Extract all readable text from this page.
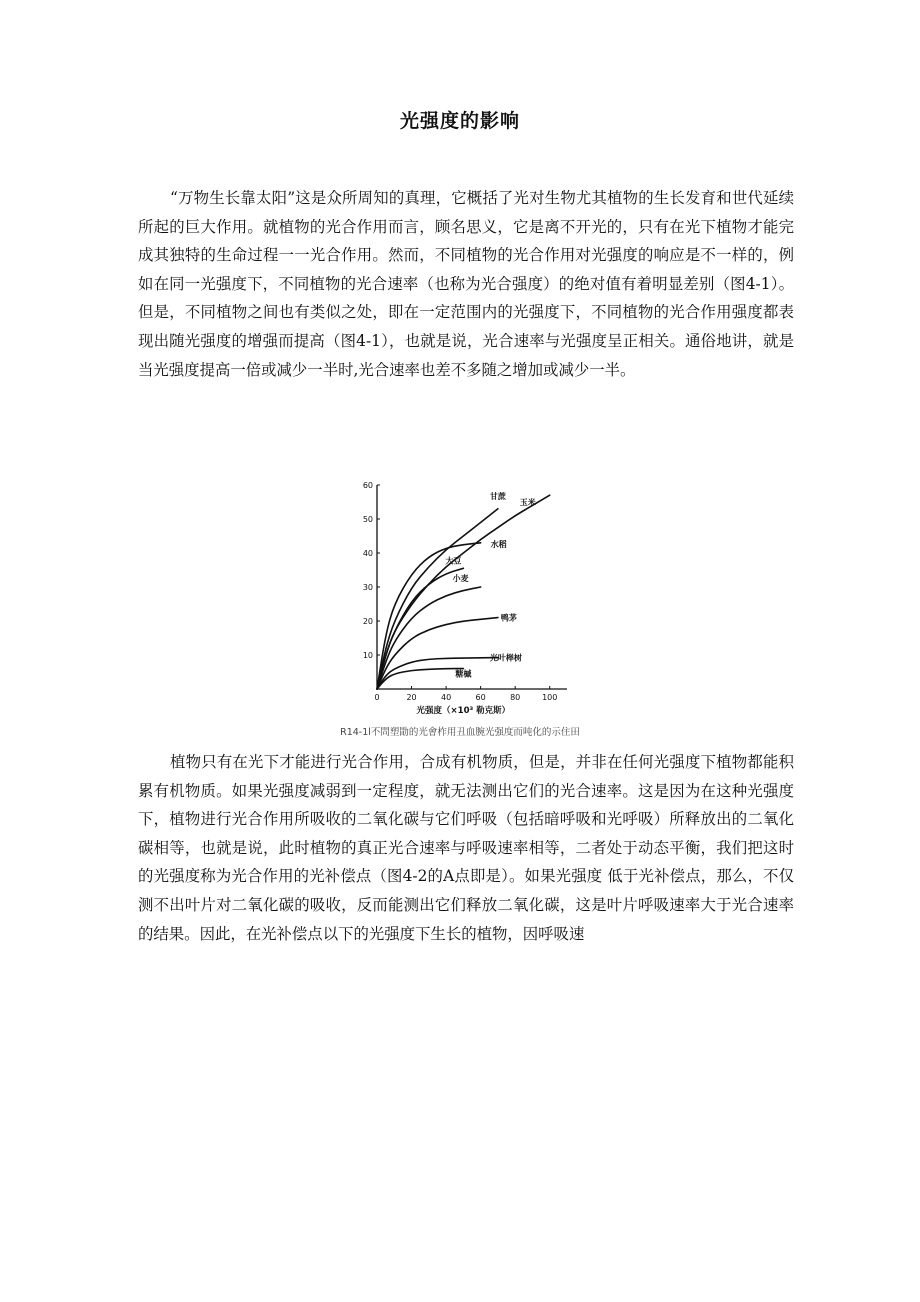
光强度的影响

“万物生长靠太阳”这是众所周知的真理，它概括了光对生物尤其植物的生长发育和世代延续所起的巨大作用。就植物的光合作用而言，顾名思义，它是离不开光的，只有在光下植物才能完成其独特的生命过程一一光合作用。然而，不同植物的光合作用对光强度的响应是不一样的，例如在同一光强度下，不同植物的光合速率（也称为光合强度）的绝对值有着明显差别（图4-1）。但是，不同植物之间也有类似之处，即在一定范围内的光强度下，不同植物的光合作用强度都表现出随光强度的增强而提高（图4-1），也就是说，光合速率与光强度呈正相关。通俗地讲，就是当光强度提高一倍或减少一半时,光合速率也差不多随之增加或减少一半。

0	20	40	60	80	100
10
20
30
40
50
60
光强度（×10³ 勒克斯）
甘蔗
玉米
水稻
大豆
小麦
鸭茅
光叶榉树
糖槭
R14-1l不問塑勖的光會柞用丑血腕光强度而吨化的示住田

植物只有在光下才能进行光合作用，合成有机物质，但是，并非在任何光强度下植物都能积累有机物质。如果光强度减弱到一定程度，就无法测出它们的光合速率。这是因为在这种光强度下，植物进行光合作用所吸收的二氧化碳与它们呼吸（包括暗呼吸和光呼吸）所释放出的二氧化碳相等，也就是说，此时植物的真正光合速率与呼吸速率相等，二者处于动态平衡，我们把这时的光强度称为光合作用的光补偿点（图4-2的A点即是）。如果光强度 低于光补偿点，那么，不仅测不出叶片对二氧化碳的吸收，反而能测出它们释放二氧化碳，这是叶片呼吸速率大于光合速率的结果。因此，在光补偿点以下的光强度下生长的植物，因呼吸速
